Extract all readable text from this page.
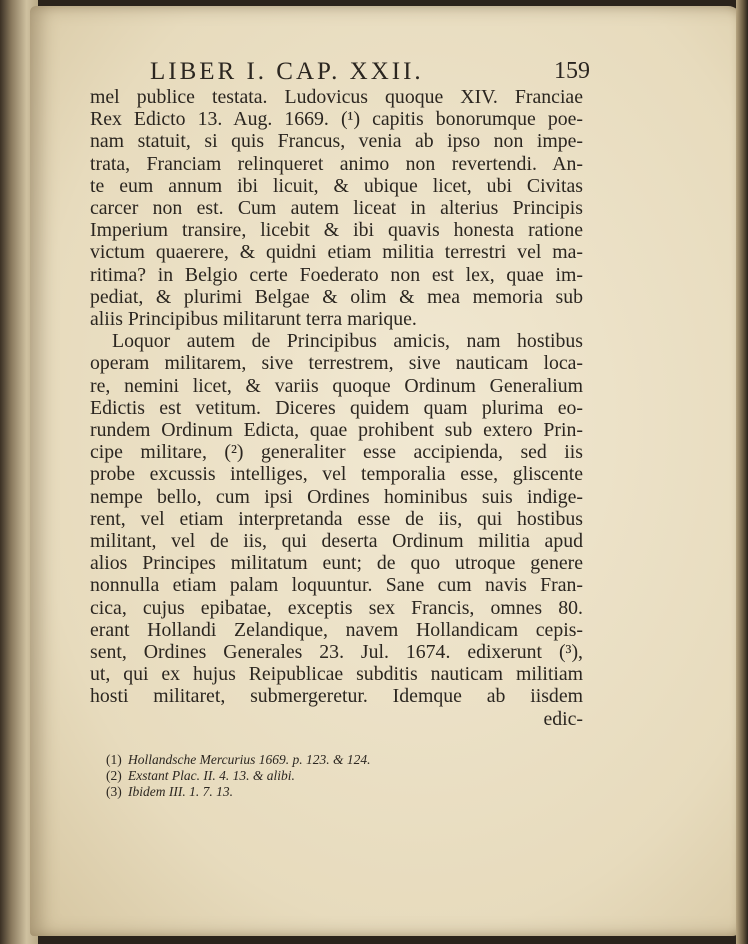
LIBER I. CAP. XXII.	159
mel publice testata. Ludovicus quoque XIV. Franciae
Rex Edicto 13. Aug. 1669. (¹) capitis bonorumque poe-
nam statuit, si quis Francus, venia ab ipso non impe-
trata, Franciam relinqueret animo non revertendi. An-
te eum annum ibi licuit, & ubique licet, ubi Civitas
carcer non est. Cum autem liceat in alterius Principis
Imperium transire, licebit & ibi quavis honesta ratione
victum quaerere, & quidni etiam militia terrestri vel ma-
ritima? in Belgio certe Foederato non est lex, quae im-
pediat, & plurimi Belgae & olim & mea memoria sub
aliis Principibus militarunt terra marique.
Loquor autem de Principibus amicis, nam hostibus
operam militarem, sive terrestrem, sive nauticam loca-
re, nemini licet, & variis quoque Ordinum Generalium
Edictis est vetitum. Diceres quidem quam plurima eo-
rundem Ordinum Edicta, quae prohibent sub extero Prin-
cipe militare, (²) generaliter esse accipienda, sed iis
probe excussis intelliges, vel temporalia esse, gliscente
nempe bello, cum ipsi Ordines hominibus suis indige-
rent, vel etiam interpretanda esse de iis, qui hostibus
militant, vel de iis, qui deserta Ordinum militia apud
alios Principes militatum eunt; de quo utroque genere
nonnulla etiam palam loquuntur. Sane cum navis Fran-
cica, cujus epibatae, exceptis sex Francis, omnes 80.
erant Hollandi Zelandique, navem Hollandicam cepis-
sent, Ordines Generales 23. Jul. 1674. edixerunt (³),
ut, qui ex hujus Reipublicae subditis nauticam militiam
hosti militaret, submergeretur. Idemque ab iisdem
edic-
(1) Hollandsche Mercurius 1669. p. 123. & 124.
(2) Exstant Plac. II. 4. 13. & alibi.
(3) Ibidem III. 1. 7. 13.
